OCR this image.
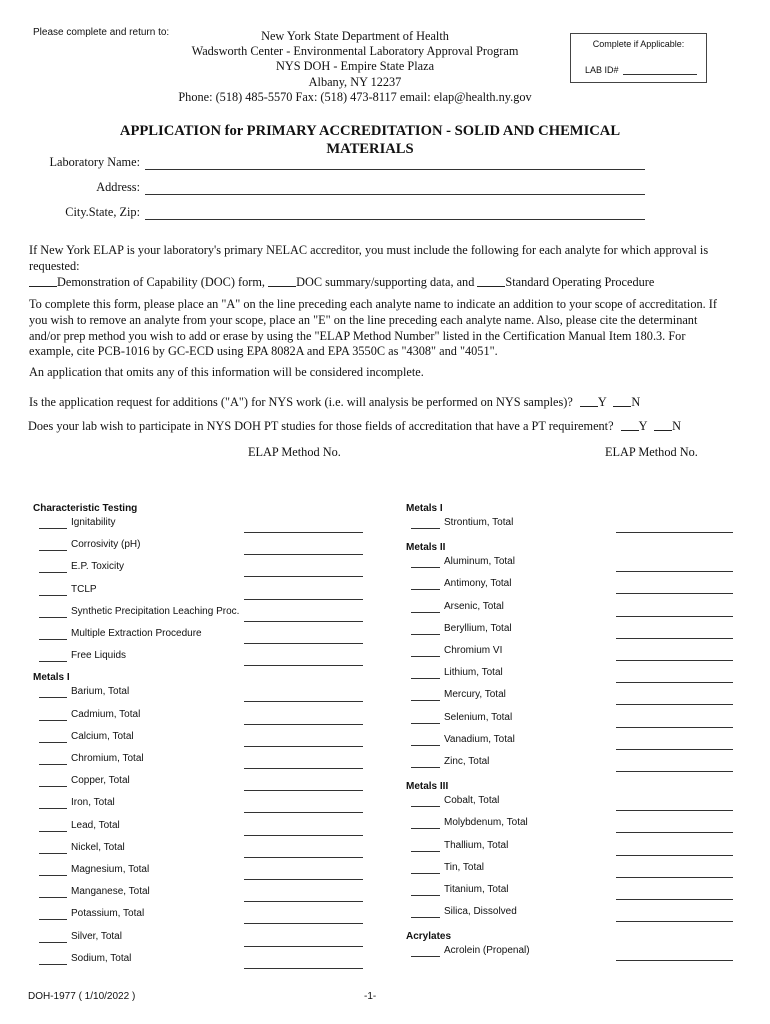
Please complete and return to:	New York State Department of Health
Wadsworth Center - Environmental Laboratory Approval Program
NYS DOH - Empire State Plaza
Albany, NY 12237
Phone: (518) 485-5570 Fax: (518) 473-8117 email: elap@health.ny.gov
Complete if Applicable:
LAB ID#
APPLICATION for PRIMARY ACCREDITATION - SOLID AND CHEMICAL MATERIALS
Laboratory Name:
Address:
City.State, Zip:
If New York ELAP is your laboratory's primary NELAC accreditor, you must include the following for each analyte for which approval is requested:
Demonstration of Capability (DOC) form, DOC summary/supporting data, and Standard Operating Procedure
To complete this form, please place an "A" on the line preceding each analyte name to indicate an addition to your scope of accreditation. If you wish to remove an analyte from your scope, place an "E" on the line preceding each analyte name. Also, please cite the determinant and/or prep method you wish to add or erase by using the "ELAP Method Number" listed in the Certification Manual Item 180.3. For example, cite PCB-1016 by GC-ECD using EPA 8082A and EPA 3550C as "4308" and "4051".
An application that omits any of this information will be considered incomplete.
Is the application request for additions ("A") for NYS work (i.e. will analysis be performed on NYS samples)? Y N
Does your lab wish to participate in NYS DOH PT studies for those fields of accreditation that have a PT requirement? Y N
ELAP Method No.	ELAP Method No.
Characteristic Testing
Ignitability
Corrosivity (pH)
E.P. Toxicity
TCLP
Synthetic Precipitation Leaching Proc.
Multiple Extraction Procedure
Free Liquids
Metals I
Barium, Total
Cadmium, Total
Calcium, Total
Chromium, Total
Copper, Total
Iron, Total
Lead, Total
Nickel, Total
Magnesium, Total
Manganese, Total
Potassium, Total
Silver, Total
Sodium, Total
Metals I
Strontium, Total
Metals II
Aluminum, Total
Antimony, Total
Arsenic, Total
Beryllium, Total
Chromium VI
Lithium, Total
Mercury, Total
Selenium, Total
Vanadium, Total
Zinc, Total
Metals III
Cobalt, Total
Molybdenum, Total
Thallium, Total
Tin, Total
Titanium, Total
Silica, Dissolved
Acrylates
Acrolein (Propenal)
DOH-1977 ( 1/10/2022 )	-1-
